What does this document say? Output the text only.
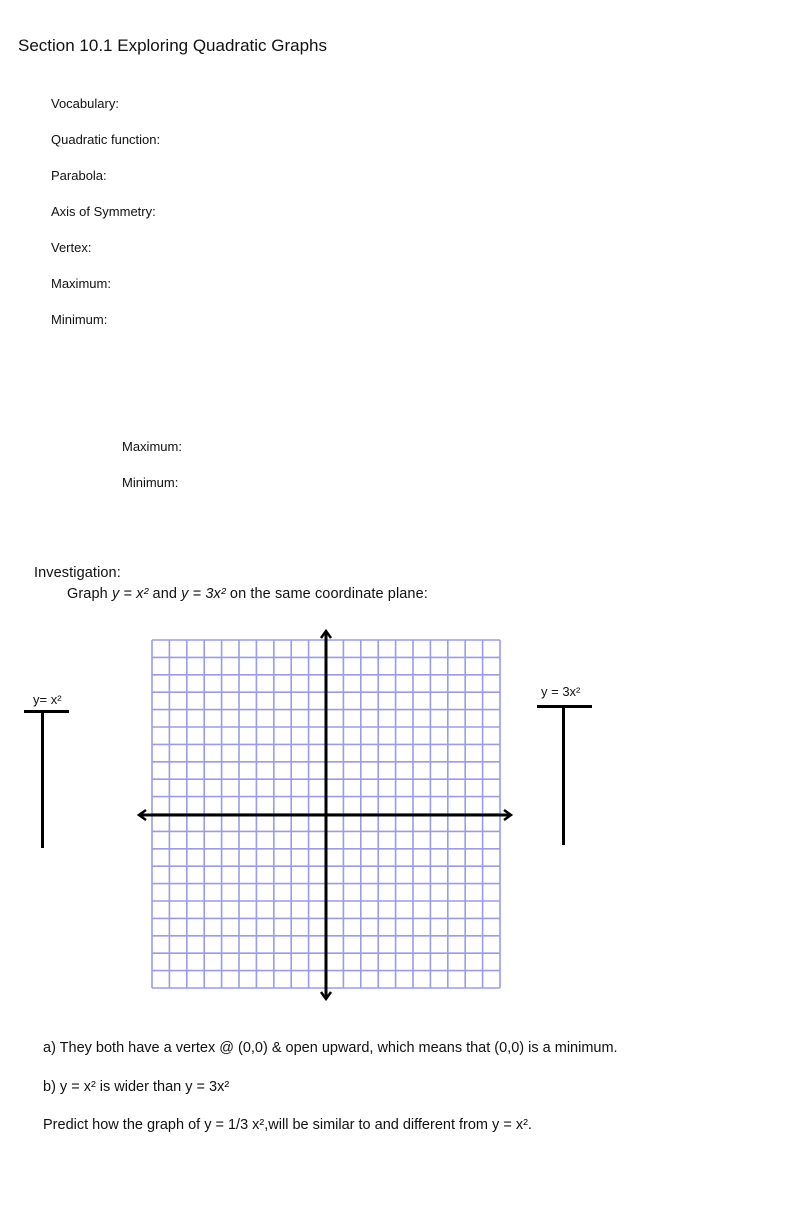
Section 10.1 Exploring Quadratic Graphs
Vocabulary:
Quadratic function:
Parabola:
Axis of Symmetry:
Vertex:
Maximum:
Minimum:
Maximum:
Minimum:
Investigation:
Graph y = x² and y = 3x² on the same coordinate plane:
y= x²
y = 3x²
a) They both have a vertex @ (0,0) & open upward, which means that (0,0) is a minimum.
b) y = x² is wider than y = 3x²
Predict how the graph of y = 1/3 x²,will be similar to and different from y = x².
